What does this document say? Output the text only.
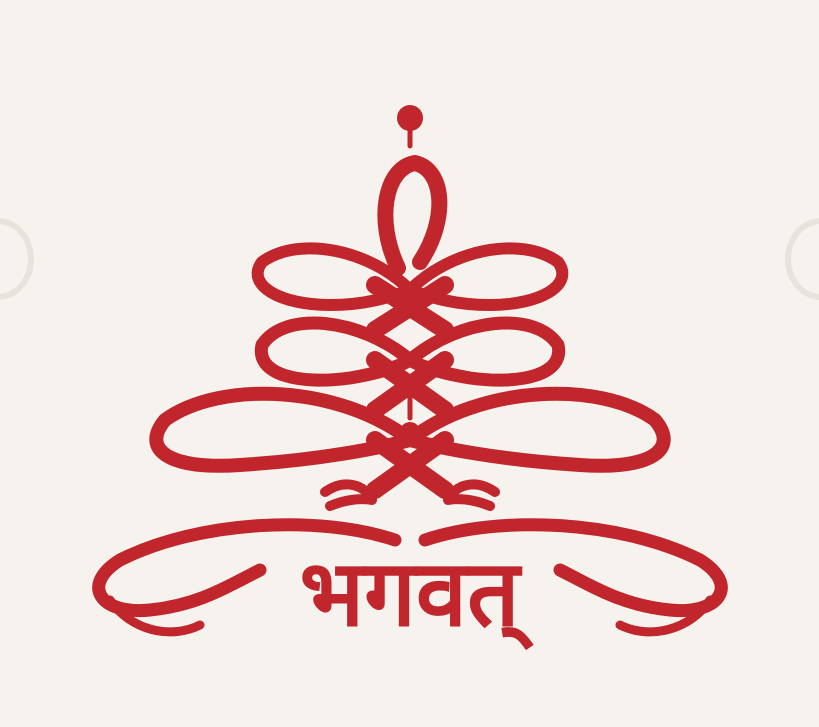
भगवत्
